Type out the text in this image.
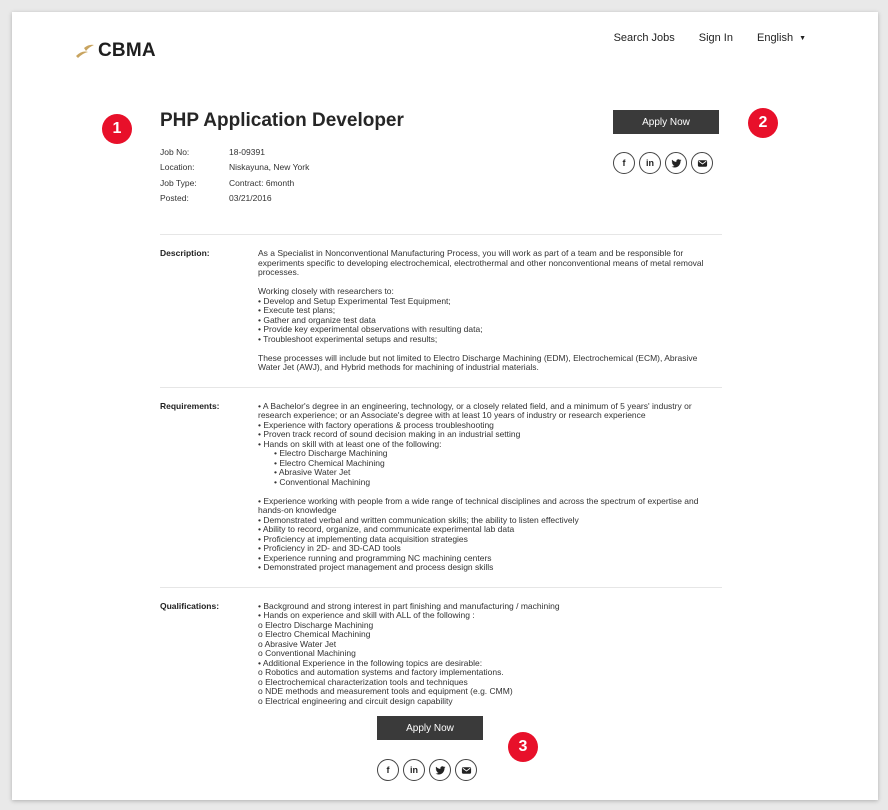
CBMA
Search Jobs Sign In English ▼
1	2
3
PHP Application Developer
Job No:	18-09391
Location:	Niskayuna, New York
Job Type:	Contract: 6month
Posted:	03/21/2016
Apply Now
f	in
Description:	As a Specialist in Nonconventional Manufacturing Process, you will work as part of a team and be responsible for experiments specific to developing electrochemical, electrothermal and other nonconventional means of metal removal processes.

Working closely with researchers to:
• Develop and Setup Experimental Test Equipment;
• Execute test plans;
• Gather and organize test data
• Provide key experimental observations with resulting data;
• Troubleshoot experimental setups and results;

These processes will include but not limited to Electro Discharge Machining (EDM), Electrochemical (ECM), Abrasive Water Jet (AWJ), and Hybrid methods for machining of industrial materials.

Requirements:	• A Bachelor's degree in an engineering, technology, or a closely related field, and a minimum of 5 years' industry or research experience; or an Associate's degree with at least 10 years of industry or research experience
• Experience with factory operations & process troubleshooting
• Proven track record of sound decision making in an industrial setting
• Hands on skill with at least one of the following:
• Electro Discharge Machining
• Electro Chemical Machining
• Abrasive Water Jet
• Conventional Machining

• Experience working with people from a wide range of technical disciplines and across the spectrum of expertise and hands-on knowledge
• Demonstrated verbal and written communication skills; the ability to listen effectively
• Ability to record, organize, and communicate experimental lab data
• Proficiency at implementing data acquisition strategies
• Proficiency in 2D- and 3D-CAD tools
• Experience running and programming NC machining centers
• Demonstrated project management and process design skills

Qualifications:	• Background and strong interest in part finishing and manufacturing / machining
• Hands on experience and skill with ALL of the following :
o Electro Discharge Machining
o Electro Chemical Machining
o Abrasive Water Jet
o Conventional Machining
• Additional Experience in the following topics are desirable:
o Robotics and automation systems and factory implementations.
o Electrochemical characterization tools and techniques
o NDE methods and measurement tools and equipment (e.g. CMM)
o Electrical engineering and circuit design capability
Apply Now
f	in
